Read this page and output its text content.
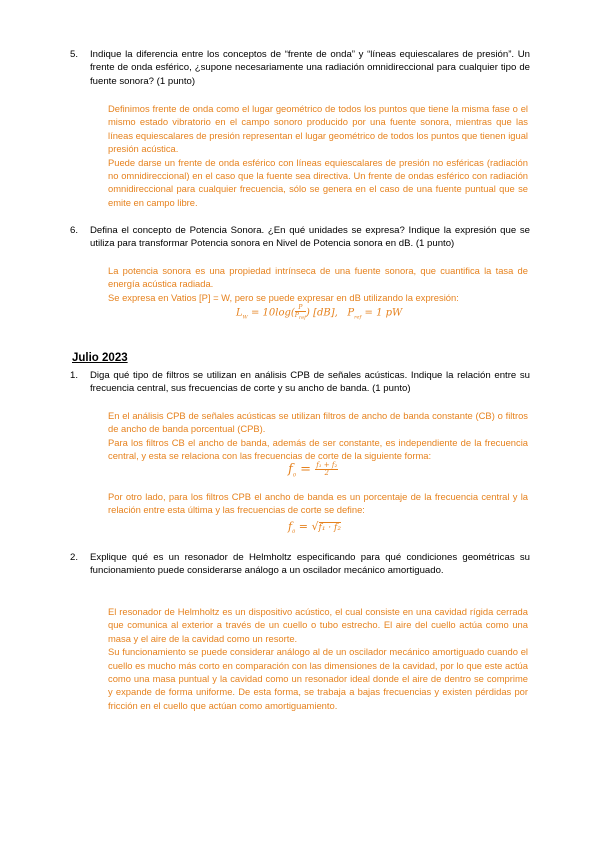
5. Indique la diferencia entre los conceptos de “frente de onda” y “líneas equiescalares de presión”. Un frente de onda esférico, ¿supone necesariamente una radiación omnidireccional para cualquier tipo de fuente sonora? (1 punto)

Definimos frente de onda como el lugar geométrico de todos los puntos que tiene la misma fase o el mismo estado vibratorio en el campo sonoro producido por una fuente sonora, mientras que las líneas equiescalares de presión representan el lugar geométrico de todos los puntos que tienen igual presión acústica.

Puede darse un frente de onda esférico con líneas equiescalares de presión no esféricas (radiación no omnidireccional) en el caso que la fuente sea directiva. Un frente de ondas esférico con radiación omnidireccional para cualquier frecuencia, sólo se genera en el caso de una fuente puntual que se emite en campo libre.

6. Defina el concepto de Potencia Sonora. ¿En qué unidades se expresa? Indique la expresión que se utiliza para transformar Potencia sonora en Nivel de Potencia sonora en dB. (1 punto)

La potencia sonora es una propiedad intrínseca de una fuente sonora, que cuantifica la tasa de energía acústica radiada.

Se expresa en Vatios [P] = W, pero se puede expresar en dB utilizando la expresión:

$L_W = 10\log( \frac{P}{P_{ref}}$ ) [dB], $P_{ref} = 1$ pW
Julio 2023
1. Diga qué tipo de filtros se utilizan en análisis CPB de señales acústicas. Indique la relación entre su frecuencia central, sus frecuencias de corte y su ancho de banda. (1 punto)

En el análisis CPB de señales acústicas se utilizan filtros de ancho de banda constante (CB) o filtros de ancho de banda porcentual (CPB).

Para los filtros CB el ancho de banda, además de ser constante, es independiente de la frecuencia central, y esta se relaciona con las frecuencias de corte de la siguiente forma:

$f_0 = \frac{\text{f₁ + f₂}}{2}$

Por otro lado, para los filtros CPB el ancho de banda es un porcentaje de la frecuencia central y la relación entre esta última y las frecuencias de corte se define:

$f_0 = √f_1 \cdot f_2$
2. Explique qué es un resonador de Helmholtz especificando para qué condiciones geométricas su funcionamiento puede considerarse análogo a un oscilador mecánico amortiguado.

El resonador de Helmholtz es un dispositivo acústico, el cual consiste en una cavidad rígida cerrada que comunica al exterior a través de un cuello o tubo estrecho. El aire del cuello actúa como una masa y el aire de la cavidad como un resorte.

Su funcionamiento se puede considerar análogo al de un oscilador mecánico amortiguado cuando el cuello es mucho más corto en comparación con las dimensiones de la cavidad, por lo que este actúa como una masa puntual y la cavidad como un resonador ideal donde el aire de dentro se comprime y expande de forma uniforme. De esta forma, se trabaja a bajas frecuencias y existen pérdidas por fricción en el cuello que actúan como amortiguamiento.
